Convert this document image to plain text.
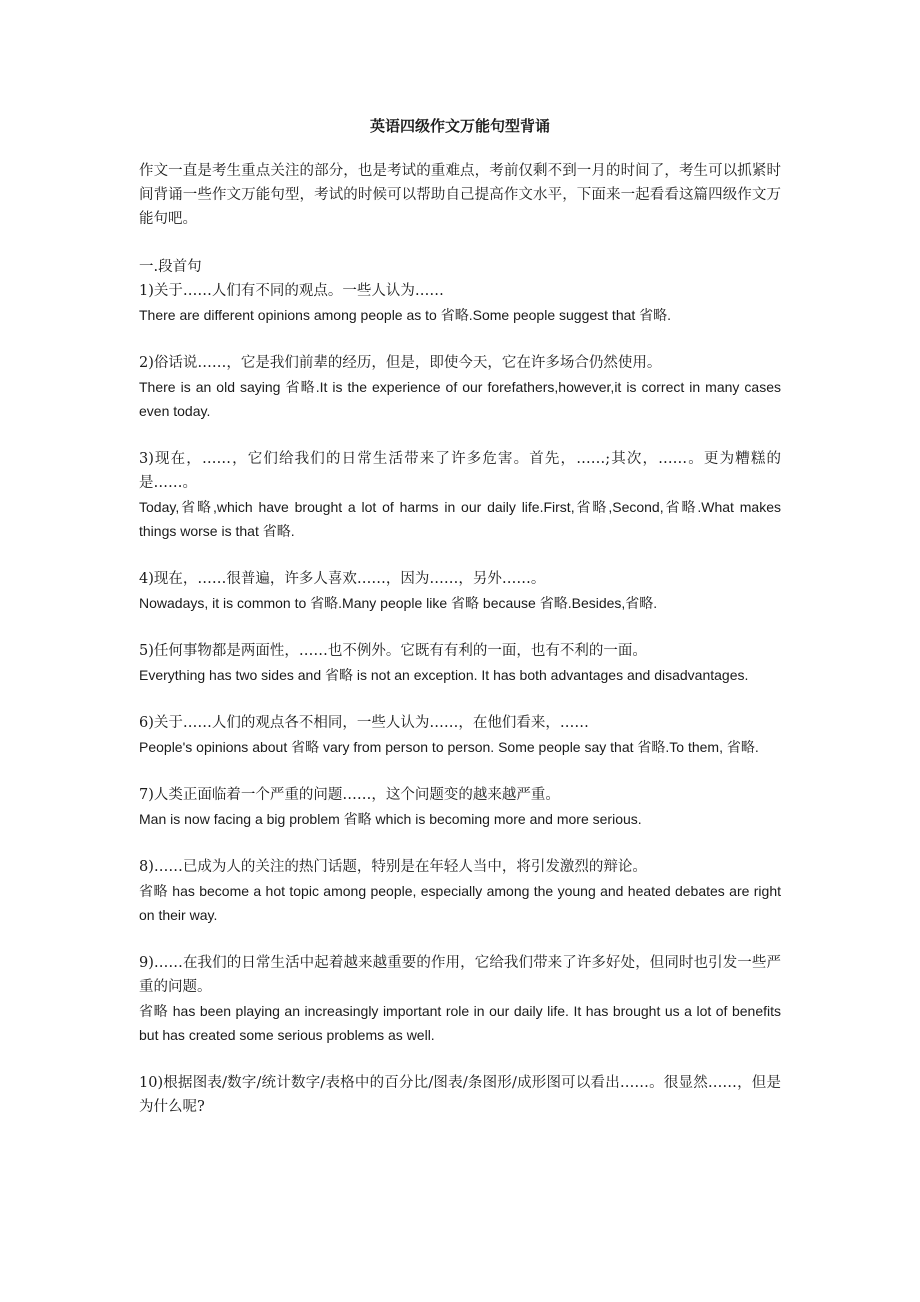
英语四级作文万能句型背诵

作文一直是考生重点关注的部分，也是考试的重难点，考前仅剩不到一月的时间了，考生可以抓紧时间背诵一些作文万能句型，考试的时候可以帮助自己提高作文水平，下面来一起看看这篇四级作文万能句吧。

一.段首句

1)关于……人们有不同的观点。一些人认为……

There are different opinions among people as to 省略.Some people suggest that 省略.

2)俗话说……，它是我们前辈的经历，但是，即使今天，它在许多场合仍然使用。

There is an old saying 省略.It is the experience of our forefathers,however,it is correct in many cases even today.

3)现在，……，它们给我们的日常生活带来了许多危害。首先，……;其次，……。更为糟糕的是……。

Today,省略,which have brought a lot of harms in our daily life.First,省略,Second,省略.What makes things worse is that 省略.

4)现在，……很普遍，许多人喜欢……，因为……，另外……。

Nowadays, it is common to 省略.Many people like 省略 because 省略.Besides,省略.

5)任何事物都是两面性，……也不例外。它既有有利的一面，也有不利的一面。

Everything has two sides and 省略 is not an exception. It has both advantages and disadvantages.

6)关于……人们的观点各不相同，一些人认为……，在他们看来，……

People's opinions about 省略 vary from person to person. Some people say that 省略.To them, 省略.

7)人类正面临着一个严重的问题……，这个问题变的越来越严重。

Man is now facing a big problem 省略 which is becoming more and more serious.

8)……已成为人的关注的热门话题，特别是在年轻人当中，将引发激烈的辩论。

省略 has become a hot topic among people, especially among the young and heated debates are right on their way.

9)……在我们的日常生活中起着越来越重要的作用，它给我们带来了许多好处，但同时也引发一些严重的问题。

省略 has been playing an increasingly important role in our daily life. It has brought us a lot of benefits but has created some serious problems as well.

10)根据图表/数字/统计数字/表格中的百分比/图表/条图形/成形图可以看出……。很显然……，但是为什么呢?
